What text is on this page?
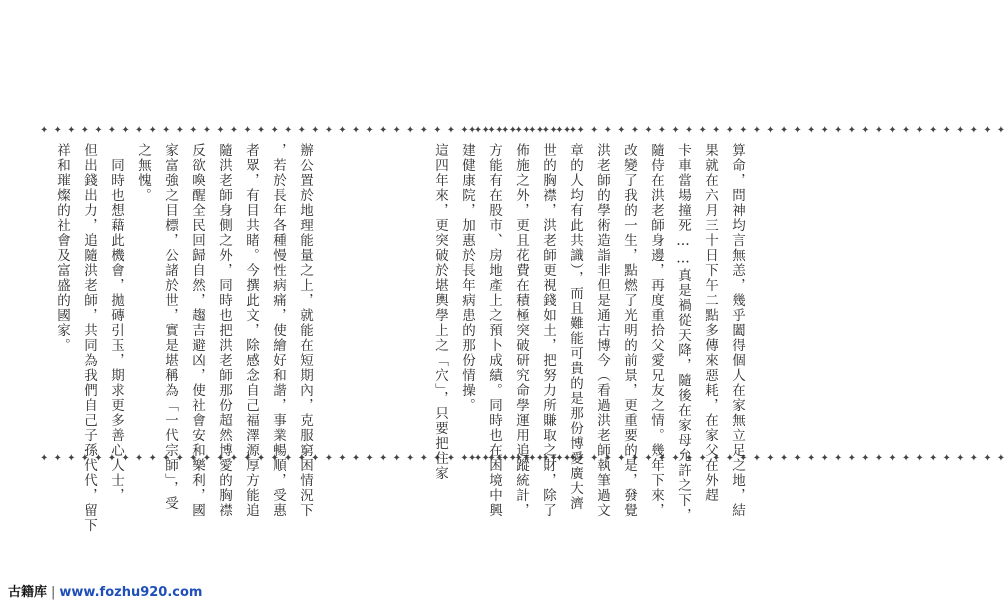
✦ ✦ ✦ ✦ ✦ ✦ ✦ ✦ ✦ ✦ ✦ ✦ ✦ ✦ ✦ ✦ ✦ ✦ ✦ ✦ ✦ ✦ ✦ ✦ ✦ ✦ ✦ ✦ ✦ ✦ ✦ ✦ ✦ ✦ ✦ ✦ ✦ ✦ ✦ ✦
✦ ✦ ✦ ✦ ✦ ✦ ✦ ✦ ✦ ✦ ✦ ✦ ✦ ✦ ✦ ✦ ✦ ✦ ✦ ✦ ✦ ✦ ✦ ✦ ✦ ✦ ✦ ✦ ✦ ✦ ✦ ✦ ✦ ✦ ✦ ✦ ✦ ✦ ✦ ✦
✦ ✦ ✦ ✦ ✦ ✦ ✦ ✦ ✦ ✦ ✦ ✦ ✦ ✦ ✦ ✦ ✦ ✦ ✦ ✦ ✦ ✦ ✦ ✦ ✦ ✦ ✦ ✦ ✦ ✦ ✦ ✦ ✦ ✦ ✦ ✦ ✦ ✦ ✦ ✦
✦ ✦ ✦ ✦ ✦ ✦ ✦ ✦ ✦ ✦ ✦ ✦ ✦ ✦ ✦ ✦ ✦ ✦ ✦ ✦ ✦ ✦ ✦ ✦ ✦ ✦ ✦ ✦ ✦ ✦ ✦ ✦ ✦ ✦ ✦ ✦ ✦ ✦ ✦ ✦
算命，問神均言無恙，幾乎闔得個人在家無立足之地，結
果就在六月三十日下午二點多傳來惡耗，在家父在外趕
卡車當場撞死……真是禍從天降，隨後在家母允許之下，
隨侍在洪老師身邊，再度重拾父愛兄友之情。幾年下來，
改變了我的一生，點燃了光明的前景，更重要的是，發覺
洪老師的學術造詣非但是通古博今（看過洪老師執筆過文
章的人均有此共識），而且難能可貴的是那份博愛廣大濟
世的胸襟，洪老師更視錢如土，把努力所賺取之財，除了
佈施之外，更且花費在積極突破研究命學運用追蹤統計，
方能有在股市、房地產上之預卜成績。同時也在困境中興
建健康院，加惠於長年病患的那份情操。
這四年來，更突破於堪輿學上之「穴」，只要把住家
辦公置於地理能量之上，就能在短期內，克服窮困情況下
，若於長年各種慢性病痛，使繪好和諧，事業暢順，受惠
者眾，有目共睹。今撰此文，除感念自己福澤源厚方能追
隨洪老師身側之外，同時也把洪老師那份超然博愛的胸襟
反欲喚醒全民回歸自然，趨吉避凶，使社會安和樂利，國
家富強之目標，公諸於世，實是堪稱為「一代宗師」，受
之無愧。
　同時也想藉此機會，拋磚引玉，期求更多善心人士，
但出錢出力，追隨洪老師，共同為我們自己子孫代代，留下
祥和璀燦的社會及富盛的國家。
古籍库 | www.fozhu920.com
